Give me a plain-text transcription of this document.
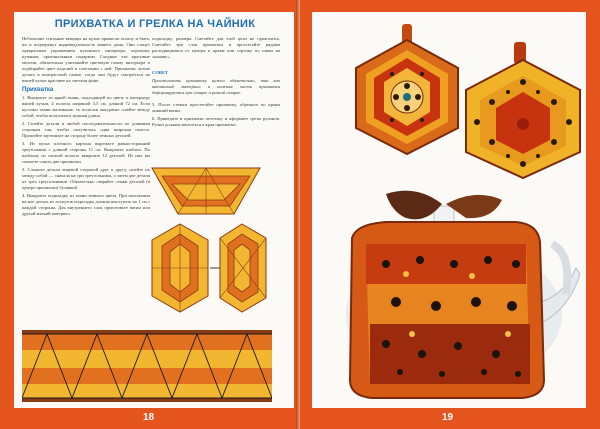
ПРИХВАТКА И ГРЕЛКА НА ЧАЙНИК

Небольшие стильные вещицы на кухне приносят пользу и быть, но и подчеркнут индивидуальность вашего дома. Они станут прекрасным украшением кухонного интерьера, хорошим, нужным, оригинальным подарком. Сходные эти красивые мелочи, обязательно учитывайте цветовую гамму интерьера и подбирайте цвет изделий в сочетании с ней. Прихватки лучше делать в контрастной гамме, тогда они будут смотреться на вашей кухне красивее на светлом фоне.

Прихватка

1. Выкроите из яркой ткани, подходящей по цвету к интерьеру вашей кухни, 4 полосы шириной 3,5 см, длиной 72 см. Если кусочки ткани маленькие, то полоски аккуратно сшейте между собой, чтобы получилась нужная длина.

2. Сшейте детали в любой последовательности по длинным сторонам так, чтобы получилась одна широкая полоса. Прошейте заутюжьте на сторону более темных деталей.

3. Из куска плотного картона вырежьте равносторонний треугольник с длиной стороны 11 см. Выкроите шаблон. По шаблону из сшитой полосы выкроите 12 деталей. Из них вы сможете сшить две прихватки.

3. Сложите детали лицевой стороной друг к другу, сшейте их между собой — сначала на три треугольника, а затем две детали из трех треугольников. Обязательно сверяйте стыки деталей (в центре прихватки) булавкой.

4. Выкроите подкладку из ткани темного цвета. При наложении на нее деталь из лоскутов подкладка должна выступать на 1 см с каждой стороны. Для внутреннего слоя приготовьте ватин или другой мягкий материал.

подкладку, размера. Сметайте для этой цели не сдвигались. Сметайте три слоя прихватки и простегайте рядами расходящимися от центра к краям или строчку по швам на «канаву».

СОВЕТ

Простегивать прихватку нужно обязательно, так как ватиновый материал и нижняя часть прихватки деформируются при стирке и разной стирке.

5. После стежки простегайте прихватку, обрежьте по краям лишний ватин.

6. Приведите в прихватке петельку и оформите срезы рулонов. Ручки должны вписаться в края прихватки.

18	19
